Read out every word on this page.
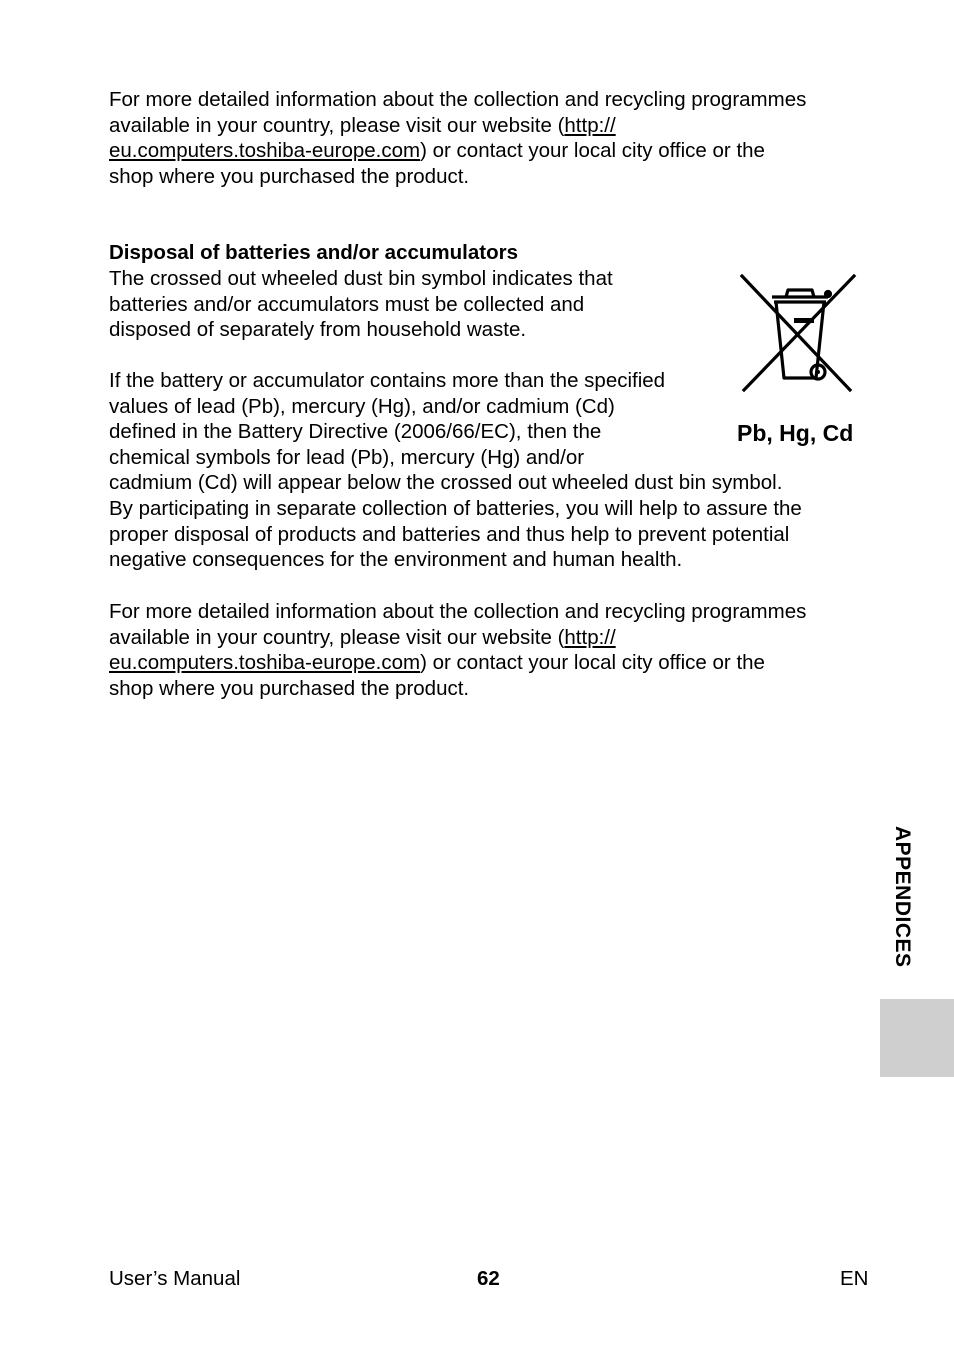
For more detailed information about the collection and recycling programmes
available in your country, please visit our website (http://
eu.computers.toshiba-europe.com) or contact your local city office or the
shop where you purchased the product.
Disposal of batteries and/or accumulators
The crossed out wheeled dust bin symbol indicates that
batteries and/or accumulators must be collected and
disposed of separately from household waste.
If the battery or accumulator contains more than the specified
values of lead (Pb), mercury (Hg), and/or cadmium (Cd)
defined in the Battery Directive (2006/66/EC), then the
chemical symbols for lead (Pb), mercury (Hg) and/or
cadmium (Cd) will appear below the crossed out wheeled dust bin symbol.
By participating in separate collection of batteries, you will help to assure the
proper disposal of products and batteries and thus help to prevent potential
negative consequences for the environment and human health.
Pb, Hg, Cd
For more detailed information about the collection and recycling programmes
available in your country, please visit our website (http://
eu.computers.toshiba-europe.com) or contact your local city office or the
shop where you purchased the product.
APPENDICES
User’s Manual	62	EN
